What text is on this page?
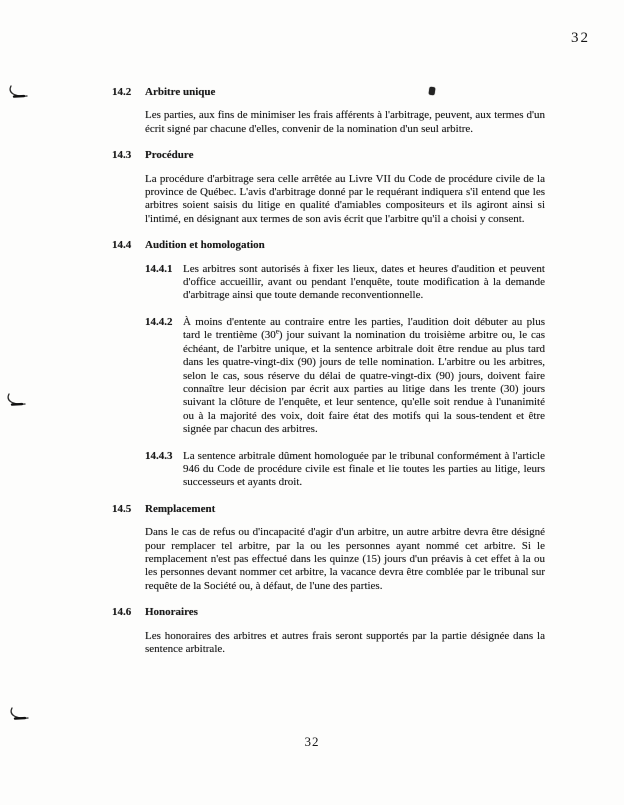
32
14.2	Arbitre unique

Les parties, aux fins de minimiser les frais afférents à l'arbitrage, peuvent, aux termes d'un écrit signé par chacune d'elles, convenir de la nomination d'un seul arbitre.

14.3	Procédure

La procédure d'arbitrage sera celle arrêtée au Livre VII du Code de procédure civile de la province de Québec. L'avis d'arbitrage donné par le requérant indiquera s'il entend que les arbitres soient saisis du litige en qualité d'amiables compositeurs et ils agiront ainsi si l'intimé, en désignant aux termes de son avis écrit que l'arbitre qu'il a choisi y consent.

14.4	Audition et homologation
14.4.1 Les arbitres sont autorisés à fixer les lieux, dates et heures d'audition et peuvent d'office accueillir, avant ou pendant l'enquête, toute modification à la demande d'arbitrage ainsi que toute demande reconventionnelle.

14.4.2 À moins d'entente au contraire entre les parties, l'audition doit débuter au plus tard le trentième (30e) jour suivant la nomination du troisième arbitre ou, le cas échéant, de l'arbitre unique, et la sentence arbitrale doit être rendue au plus tard dans les quatre-vingt-dix (90) jours de telle nomination. L'arbitre ou les arbitres, selon le cas, sous réserve du délai de quatre-vingt-dix (90) jours, doivent faire connaître leur décision par écrit aux parties au litige dans les trente (30) jours suivant la clôture de l'enquête, et leur sentence, qu'elle soit rendue à l'unanimité ou à la majorité des voix, doit faire état des motifs qui la sous-tendent et être signée par chacun des arbitres.

14.4.3 La sentence arbitrale dûment homologuée par le tribunal conformément à l'article 946 du Code de procédure civile est finale et lie toutes les parties au litige, leurs successeurs et ayants droit.

14.5	Remplacement

Dans le cas de refus ou d'incapacité d'agir d'un arbitre, un autre arbitre devra être désigné pour remplacer tel arbitre, par la ou les personnes ayant nommé cet arbitre. Si le remplacement n'est pas effectué dans les quinze (15) jours d'un préavis à cet effet à la ou les personnes devant nommer cet arbitre, la vacance devra être comblée par le tribunal sur requête de la Société ou, à défaut, de l'une des parties.

14.6	Honoraires

Les honoraires des arbitres et autres frais seront supportés par la partie désignée dans la sentence arbitrale.

32
